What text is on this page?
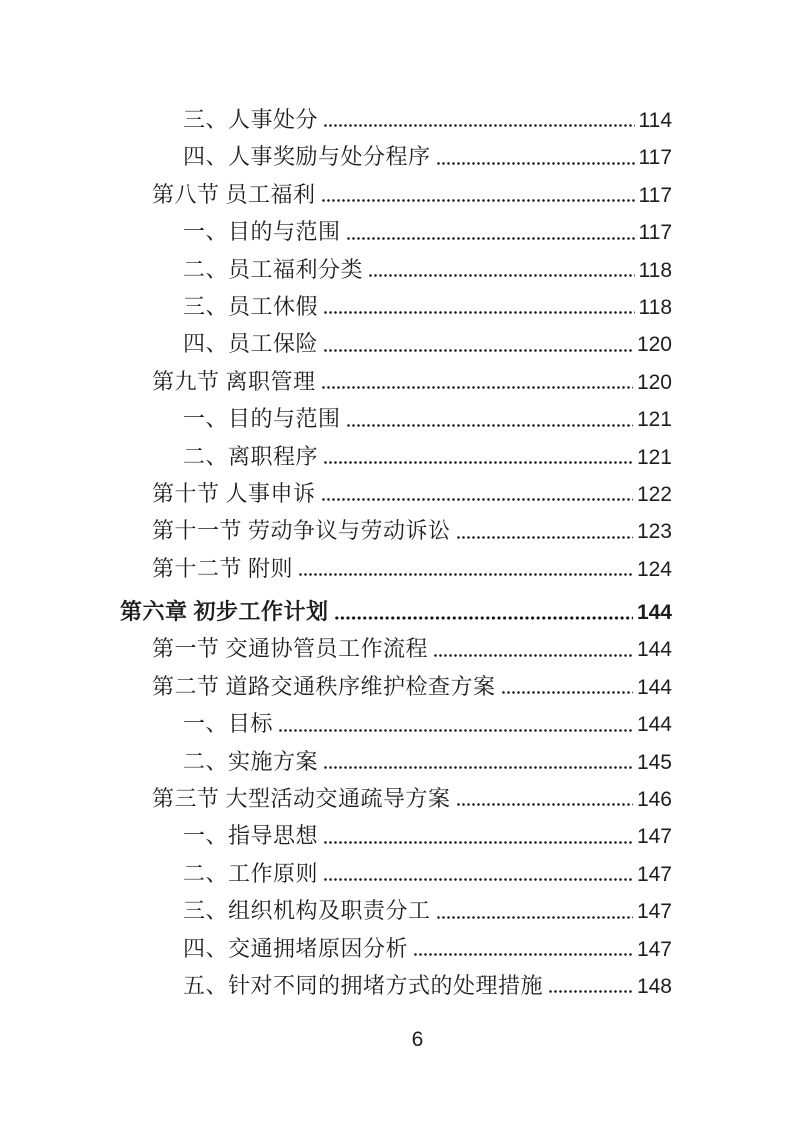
三、人事处分	114
四、人事奖励与处分程序	117
第八节 员工福利	117
一、目的与范围	117
二、员工福利分类	118
三、员工休假	118
四、员工保险	120
第九节 离职管理	120
一、目的与范围	121
二、离职程序	121
第十节 人事申诉	122
第十一节 劳动争议与劳动诉讼	123
第十二节 附则	124
第六章 初步工作计划	144
第一节 交通协管员工作流程	144
第二节 道路交通秩序维护检查方案	144
一、目标	144
二、实施方案	145
第三节 大型活动交通疏导方案	146
一、指导思想	147
二、工作原则	147
三、组织机构及职责分工	147
四、交通拥堵原因分析	147
五、针对不同的拥堵方式的处理措施	148
6
